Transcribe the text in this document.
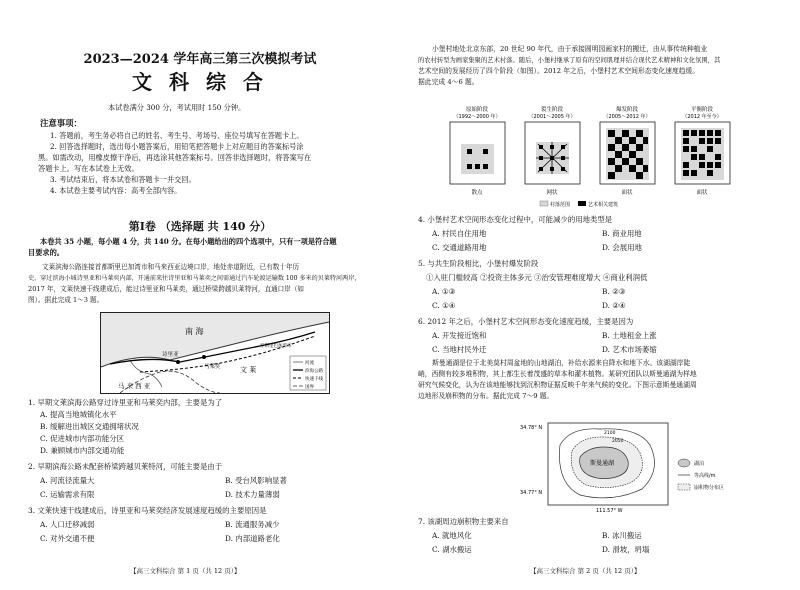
2023—2024 学年高三第三次模拟考试
文 科 综 合
本试卷满分 300 分，考试用时 150 分钟。
注意事项：

1. 答题前，考生务必将自己的姓名、考生号、考场号、座位号填写在答题卡上。

2. 回答选择题时，选出每小题答案后，用铅笔把答题卡上对应题目的答案标号涂

黑。如需改动，用橡皮擦干净后，再选涂其他答案标号。回答非选择题时，将答案写在

答题卡上。写在本试卷上无效。

3. 考试结束后，将本试卷和答题卡一并交回。

4. 本试卷主要考试内容：高考全部内容。

第Ⅰ卷 （选择题 共 140 分）

本卷共 35 小题，每小题 4 分，共 140 分。在每小题给出的四个选项中，只有一项是符合题

目要求的。

文莱滨海公路连接首都斯里巴加湾市和马来西亚边境口岸，地处赤道附近，已有数十年历

史，穿过滨海小城诗里亚和马莱奕内部，开通前来往诗里亚和马莱奕之间需通过汽车轮渡运输数 100 多米的贝莱特河两岸，

2017 年，文莱快速干线建成后，能过诗里亚和马莱奕，通过桥梁跨越贝莱特河，直通口岸（如

图）。据此完成 1～3 题。

南 海
文 莱
马 来 西 亚
诗里亚
马莱奕
至斯里巴加湾市
河流
滨海公路
快速干线
国界
1. 早期文莱滨海公路穿过诗里亚和马莱奕内部，主要是为了
A. 提高当地城镇化水平
B. 缓解进出城区交通拥堵状况
C. 促进城市内部功能分区
D. 兼顾城市内部交通功能
2. 早期滨海公路未配套桥梁跨越贝莱特河，可能主要是由于
A. 河流径流量大	B. 受台风影响显著
C. 运输需求有限	D. 技术力量薄弱
3. 文莱快速干线建成后，诗里亚和马莱奕经济发展速度趋缓的主要原因是
A. 人口迁移减弱	B. 流通服务减少
C. 对外交通不便	D. 内部道路老化
【高三文科综合 第 1 页（共 12 页）】

小堡村地处北京东部，20 世纪 90 年代，由于承接圆明园画家村的搬迁，由从事传统种植业

的农村转型为画家集聚的艺术村落。随后，小堡村继承了原有的空间肌理并结合现代艺术精神和文化氛围，其

艺术空间的发展经历了四个阶段（如图）。2012 年之后，小堡村艺术空间形态变化速度趋缓。

据此完成 4～6 题。

原始阶段
（1992～2000 年）
裂生阶段
（2001～2005 年）
爆发阶段
（2005～2012 年）
平衡阶段
（2012 年至今）
散点	网状	面状	面状
村落范围	艺术相关建筑
4. 小堡村艺术空间形态变化过程中，可能减少的用地类型是
A. 村民自住用地	B. 商业用地
C. 交通道路用地	D. 会展用地
5. 与共生阶段相比，小堡村爆发阶段
①入驻门槛较高 ②投资主体多元 ③治安管理难度增大 ④商业利润低
A. ①③	B. ②③
C. ①④	D. ②④
6. 2012 年之后，小堡村艺术空间形态变化速度趋缓，主要是因为
A. 开发接近饱和	B. 土地租金上涨
C. 当地村民外迁	D. 艺术市场萎缩

斯曼通湖是位于北美莫村周盆地的山地湖泊，补给水源来自降水和地下水。该湖湖岸陡

峭，西侧有较多堆积物，其上都生长着茂盛的草本和灌木植物。某研究团队以斯曼通湖为样地

研究气候变化，认为在该地能够找到沉积物证据反映千年来气候的变化。下图示意斯曼通湖周

边地形及崩积物的分布。据此完成 7～9 题。

34.78° N
34.77° N
111.57° W
斯曼通湖
2100
2050
湖泊
等高线/m
崩积物分布区
7. 该湖周边崩积物主要来自
A. 就地风化	B. 冰川搬运
C. 湖水搬运	D. 滑坡，坍塌
【高三文科综合 第 2 页（共 12 页）】
